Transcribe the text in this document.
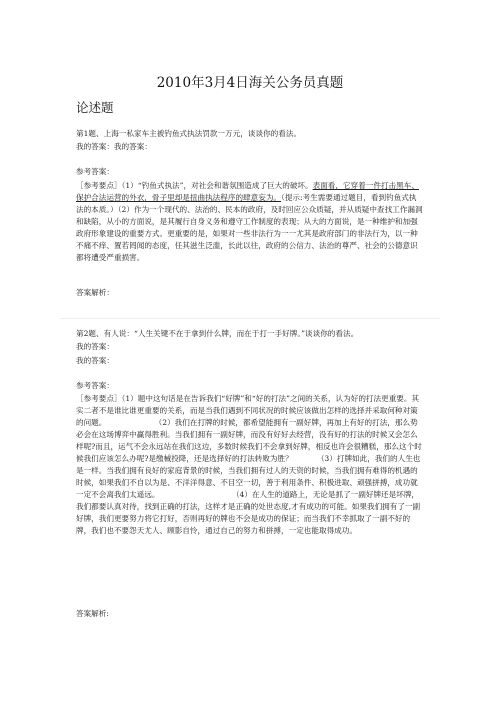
2010年3月4日海关公务员真题
论述题
第1题、上海一私家车主被钓鱼式执法罚款一万元，谈谈你的看法。
我的答案：我的答案：
参考答案：
［参考要点］（1）“钓鱼式执法”，对社会和谐氛围造成了巨大的破坏。表面看，它穿着一件打击黑车、保护合法运营的外衣，骨子里却是扭曲执法程序的肆意妄为。（提示:考生需要通过题目，看到钓鱼式执法的本质。）（2）作为一个现代的、法治的、民本的政府，及时回应公众质疑，并从质疑中查找工作漏洞和缺陷，从小的方面说，是其履行自身义务和遵守工作制度的表现；从大的方面说，是一种维护和加强政府形象建设的重要方式。更重要的是，如果对一些非法行为一一尤其是政府部门的非法行为，以一种不痛不痒、置若罔闻的态度，任其滋生泛滥，长此以往，政府的公信力、法治的尊严、社会的公德意识都将遭受严重损害。
答案解析：
第2题、有人说：“人生关键不在于拿到什么牌，而在于打一手好牌。”谈谈你的看法。
我的答案：
我的答案：
参考答案：
［参考要点］（1）题中这句话是在告诉我们“好牌”和“好的打法”之间的关系，认为好的打法更重要。其实二者不是谁比谁更重要的关系，而是当我们遇到不同状况的时候应该做出怎样的选择并采取何种对策的问题。                    （2）我们在打牌的时候，都希望能拥有一副好牌，再加上有好的打法，那么势必会在这场博弈中赢得胜利。当我们拥有一副好牌，而没有好好去经营，没有好的打法的时候又会怎么样呢?而且，运气不会永远站在我们这边，多数时候我们不会拿到好牌，相反也许会很糟糕，那么这个时候我们应该怎么办呢?是缴械投降，还是选择好的打法转败为胜？          （3）打牌如此，我们的人生也是一样。当我们拥有良好的家庭背景的时候，当我们拥有过人的天资的时候，当我们拥有难得的机遇的时候，如果我们不自以为是、不洋洋得意、不目空一切，善于利用条件、积极进取、顽强拼搏，成功就一定不会离我们太遥远。                              （4）在人生的道路上，无论是抓了一副好牌还是坏牌，我们都要认真对待，找到正确的打法，这样才是正确的处世态度,才有成功的可能。如果我们拥有了一副好牌，我们更要努力将它打好，否则再好的牌也不会是成功的保证；而当我们不幸抓取了一副不好的牌，我们也不要怨天尤人、顾影自怜，通过自己的努力和拼搏，一定也能取得成功。
答案解析:
